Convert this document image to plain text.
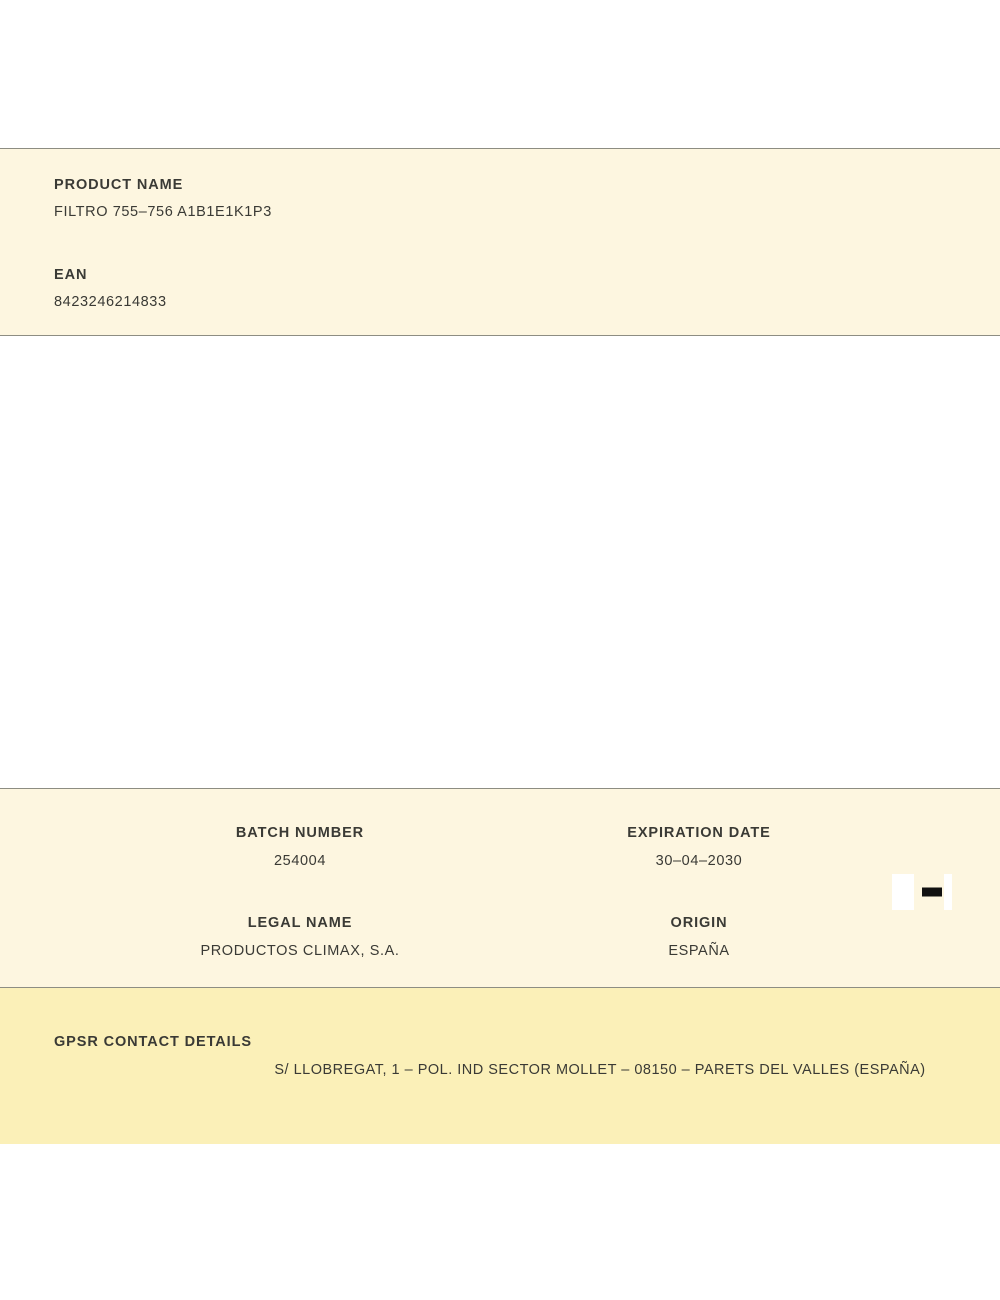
PRODUCT NAME

FILTRO 755–756 A1B1E1K1P3

EAN

8423246214833

BATCH NUMBER

254004

EXPIRATION DATE

30–04–2030

LEGAL NAME

PRODUCTOS CLIMAX, S.A.

ORIGIN

ESPAÑA

GPSR CONTACT DETAILS
S/ LLOBREGAT, 1 – POL. IND SECTOR MOLLET – 08150 – PARETS DEL VALLES (ESPAÑA)
